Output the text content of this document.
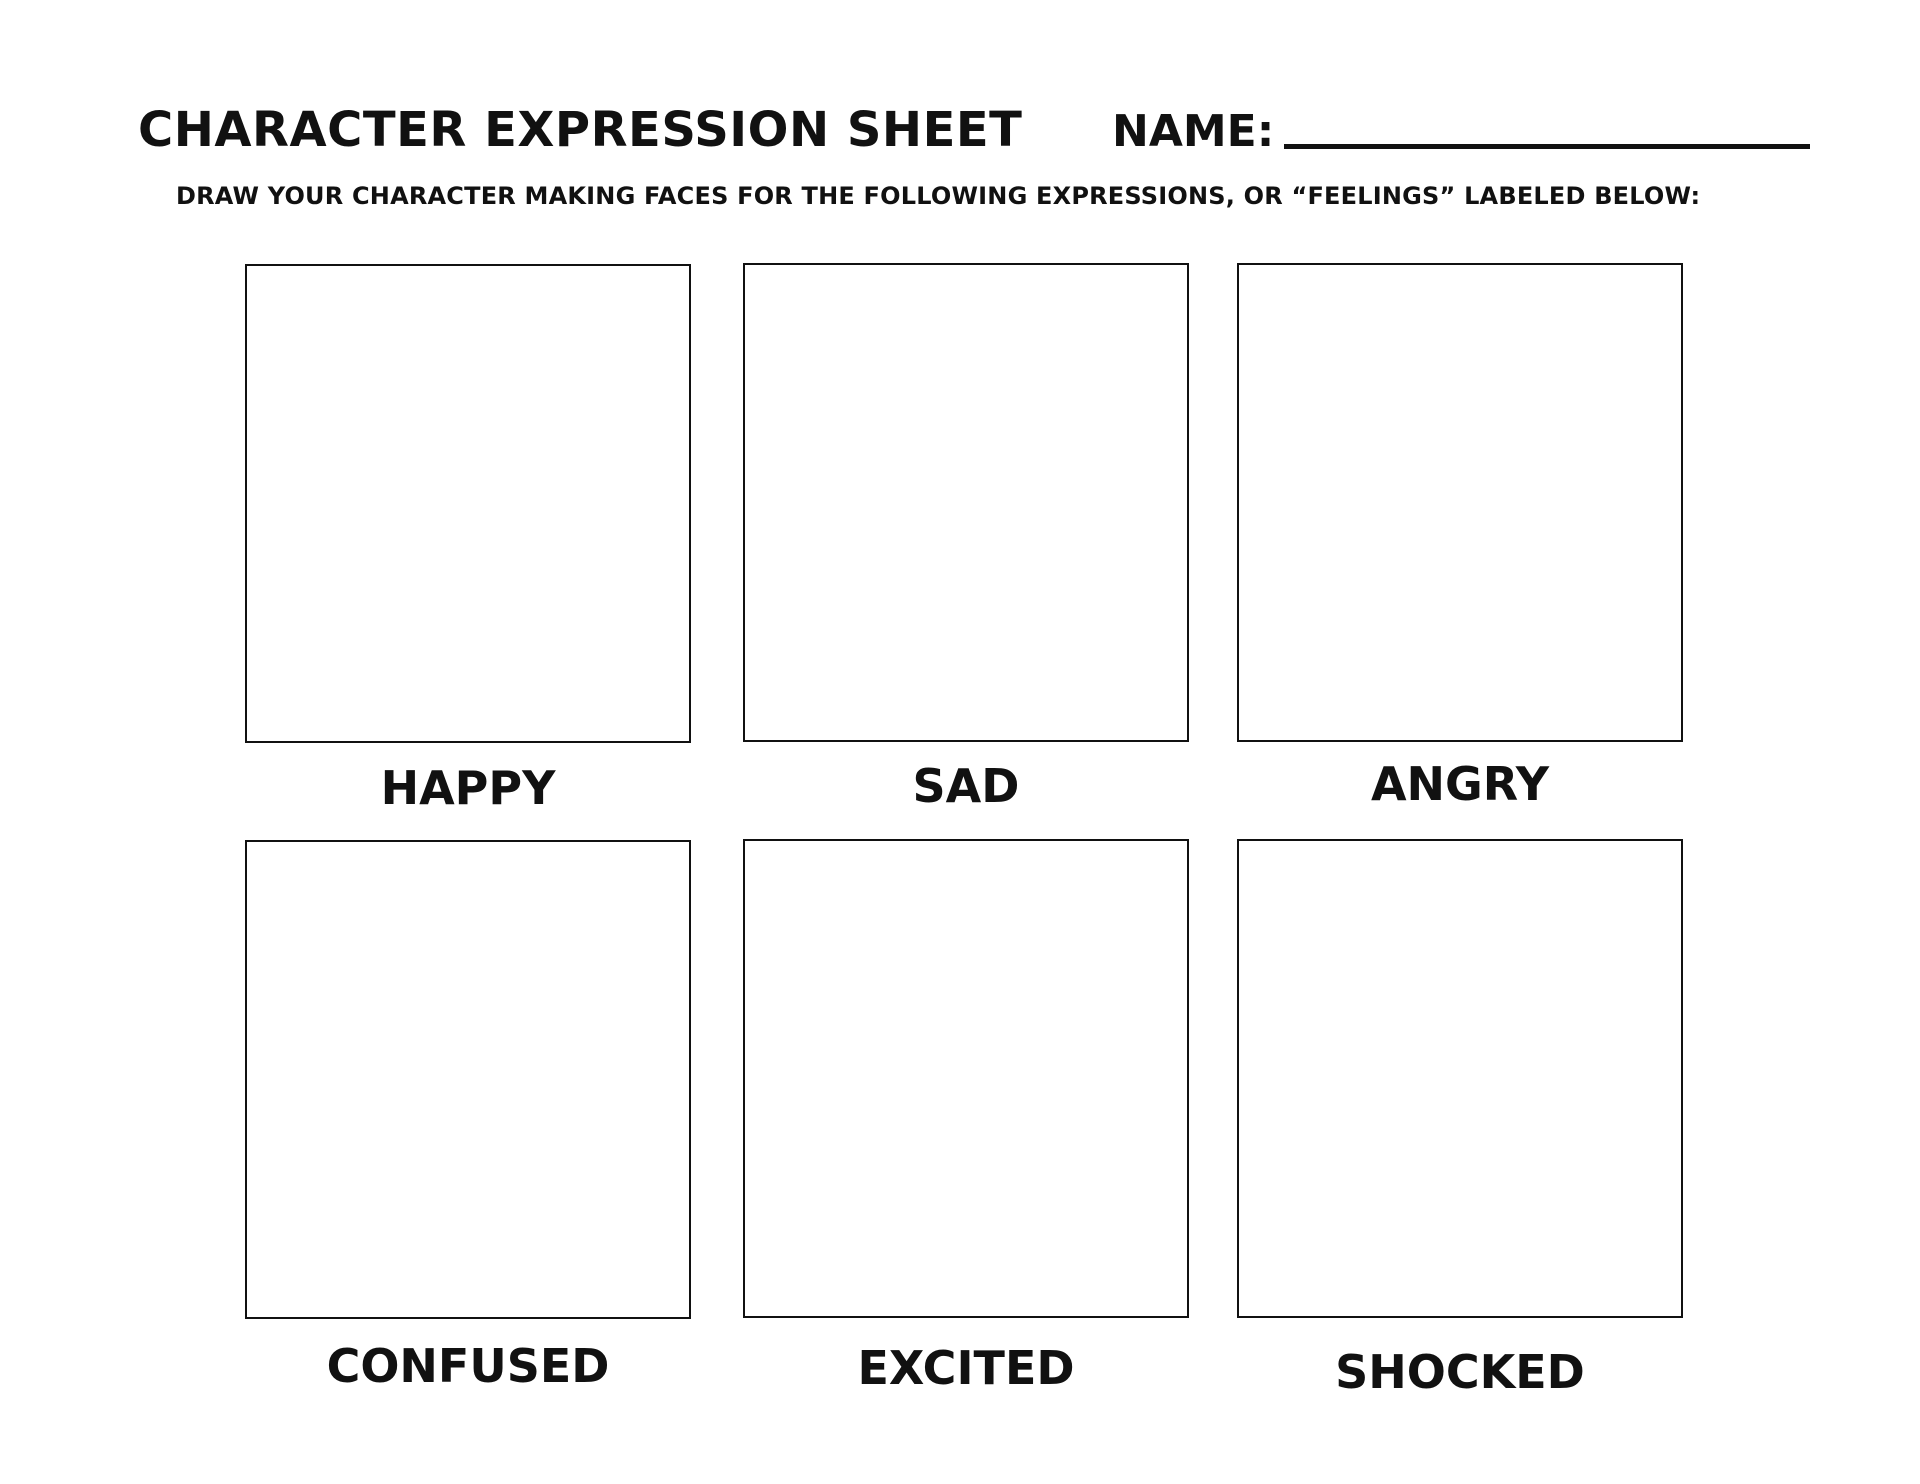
CHARACTER EXPRESSION SHEET NAME:
DRAW YOUR CHARACTER MAKING FACES FOR THE FOLLOWING EXPRESSIONS, OR “FEELINGS” LABELED BELOW:
HAPPY	SAD	ANGRY
CONFUSED	EXCITED	SHOCKED
